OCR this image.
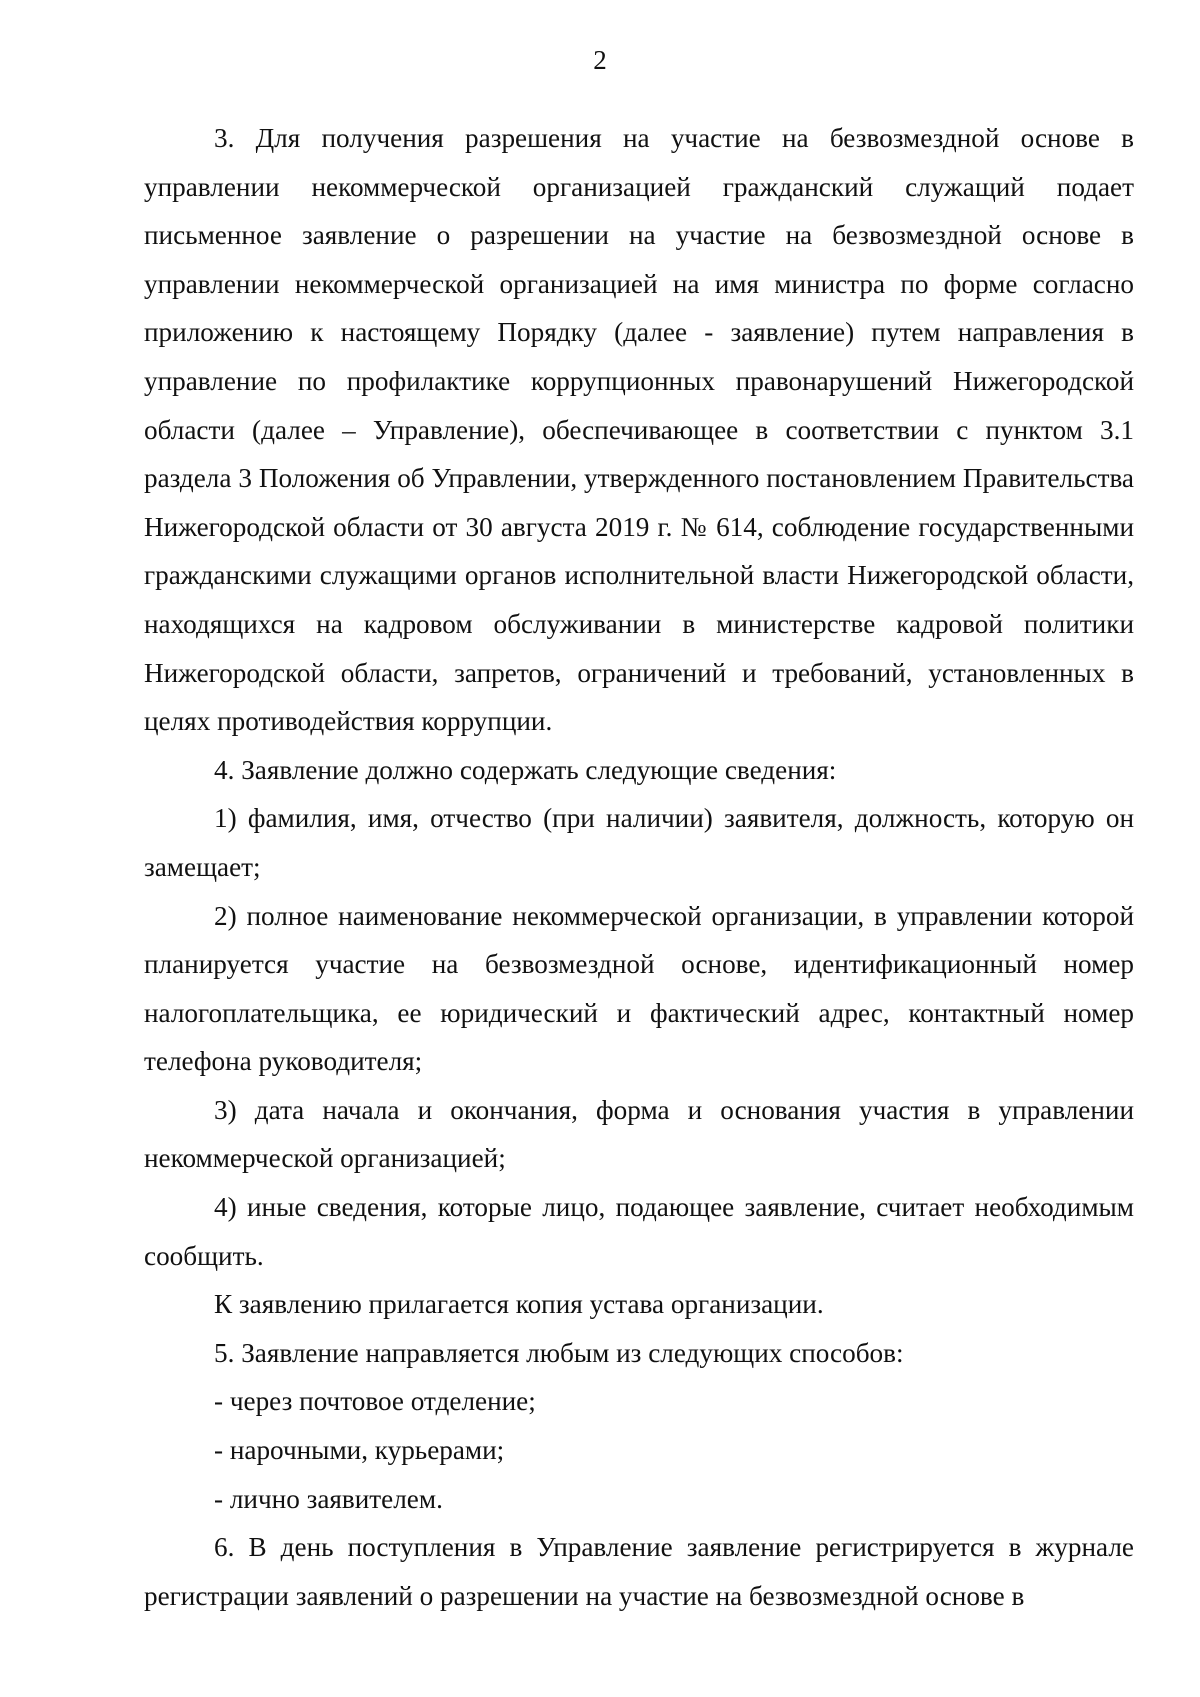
2

3. Для получения разрешения на участие на безвозмездной основе в управлении некоммерческой организацией гражданский служащий подает письменное заявление о разрешении на участие на безвозмездной основе в управлении некоммерческой организацией на имя министра по форме согласно приложению к настоящему Порядку (далее - заявление) путем направления в управление по профилактике коррупционных правонарушений Нижегородской области (далее – Управление), обеспечивающее в соответствии с пунктом 3.1 раздела 3 Положения об Управлении, утвержденного постановлением Правительства Нижегородской области от 30 августа 2019 г. № 614, соблюдение государственными гражданскими служащими органов исполнительной власти Нижегородской области, находящихся на кадровом обслуживании в министерстве кадровой политики Нижегородской области, запретов, ограничений и требований, установленных в целях противодействия коррупции.

4. Заявление должно содержать следующие сведения:

1) фамилия, имя, отчество (при наличии) заявителя, должность, которую он замещает;

2) полное наименование некоммерческой организации, в управлении которой планируется участие на безвозмездной основе, идентификационный номер налогоплательщика, ее юридический и фактический адрес, контактный номер телефона руководителя;

3) дата начала и окончания, форма и основания участия в управлении некоммерческой организацией;

4) иные сведения, которые лицо, подающее заявление, считает необходимым сообщить.

К заявлению прилагается копия устава организации.

5. Заявление направляется любым из следующих способов:

- через почтовое отделение;

- нарочными, курьерами;

- лично заявителем.

6. В день поступления в Управление заявление регистрируется в журнале регистрации заявлений о разрешении на участие на безвозмездной основе в
